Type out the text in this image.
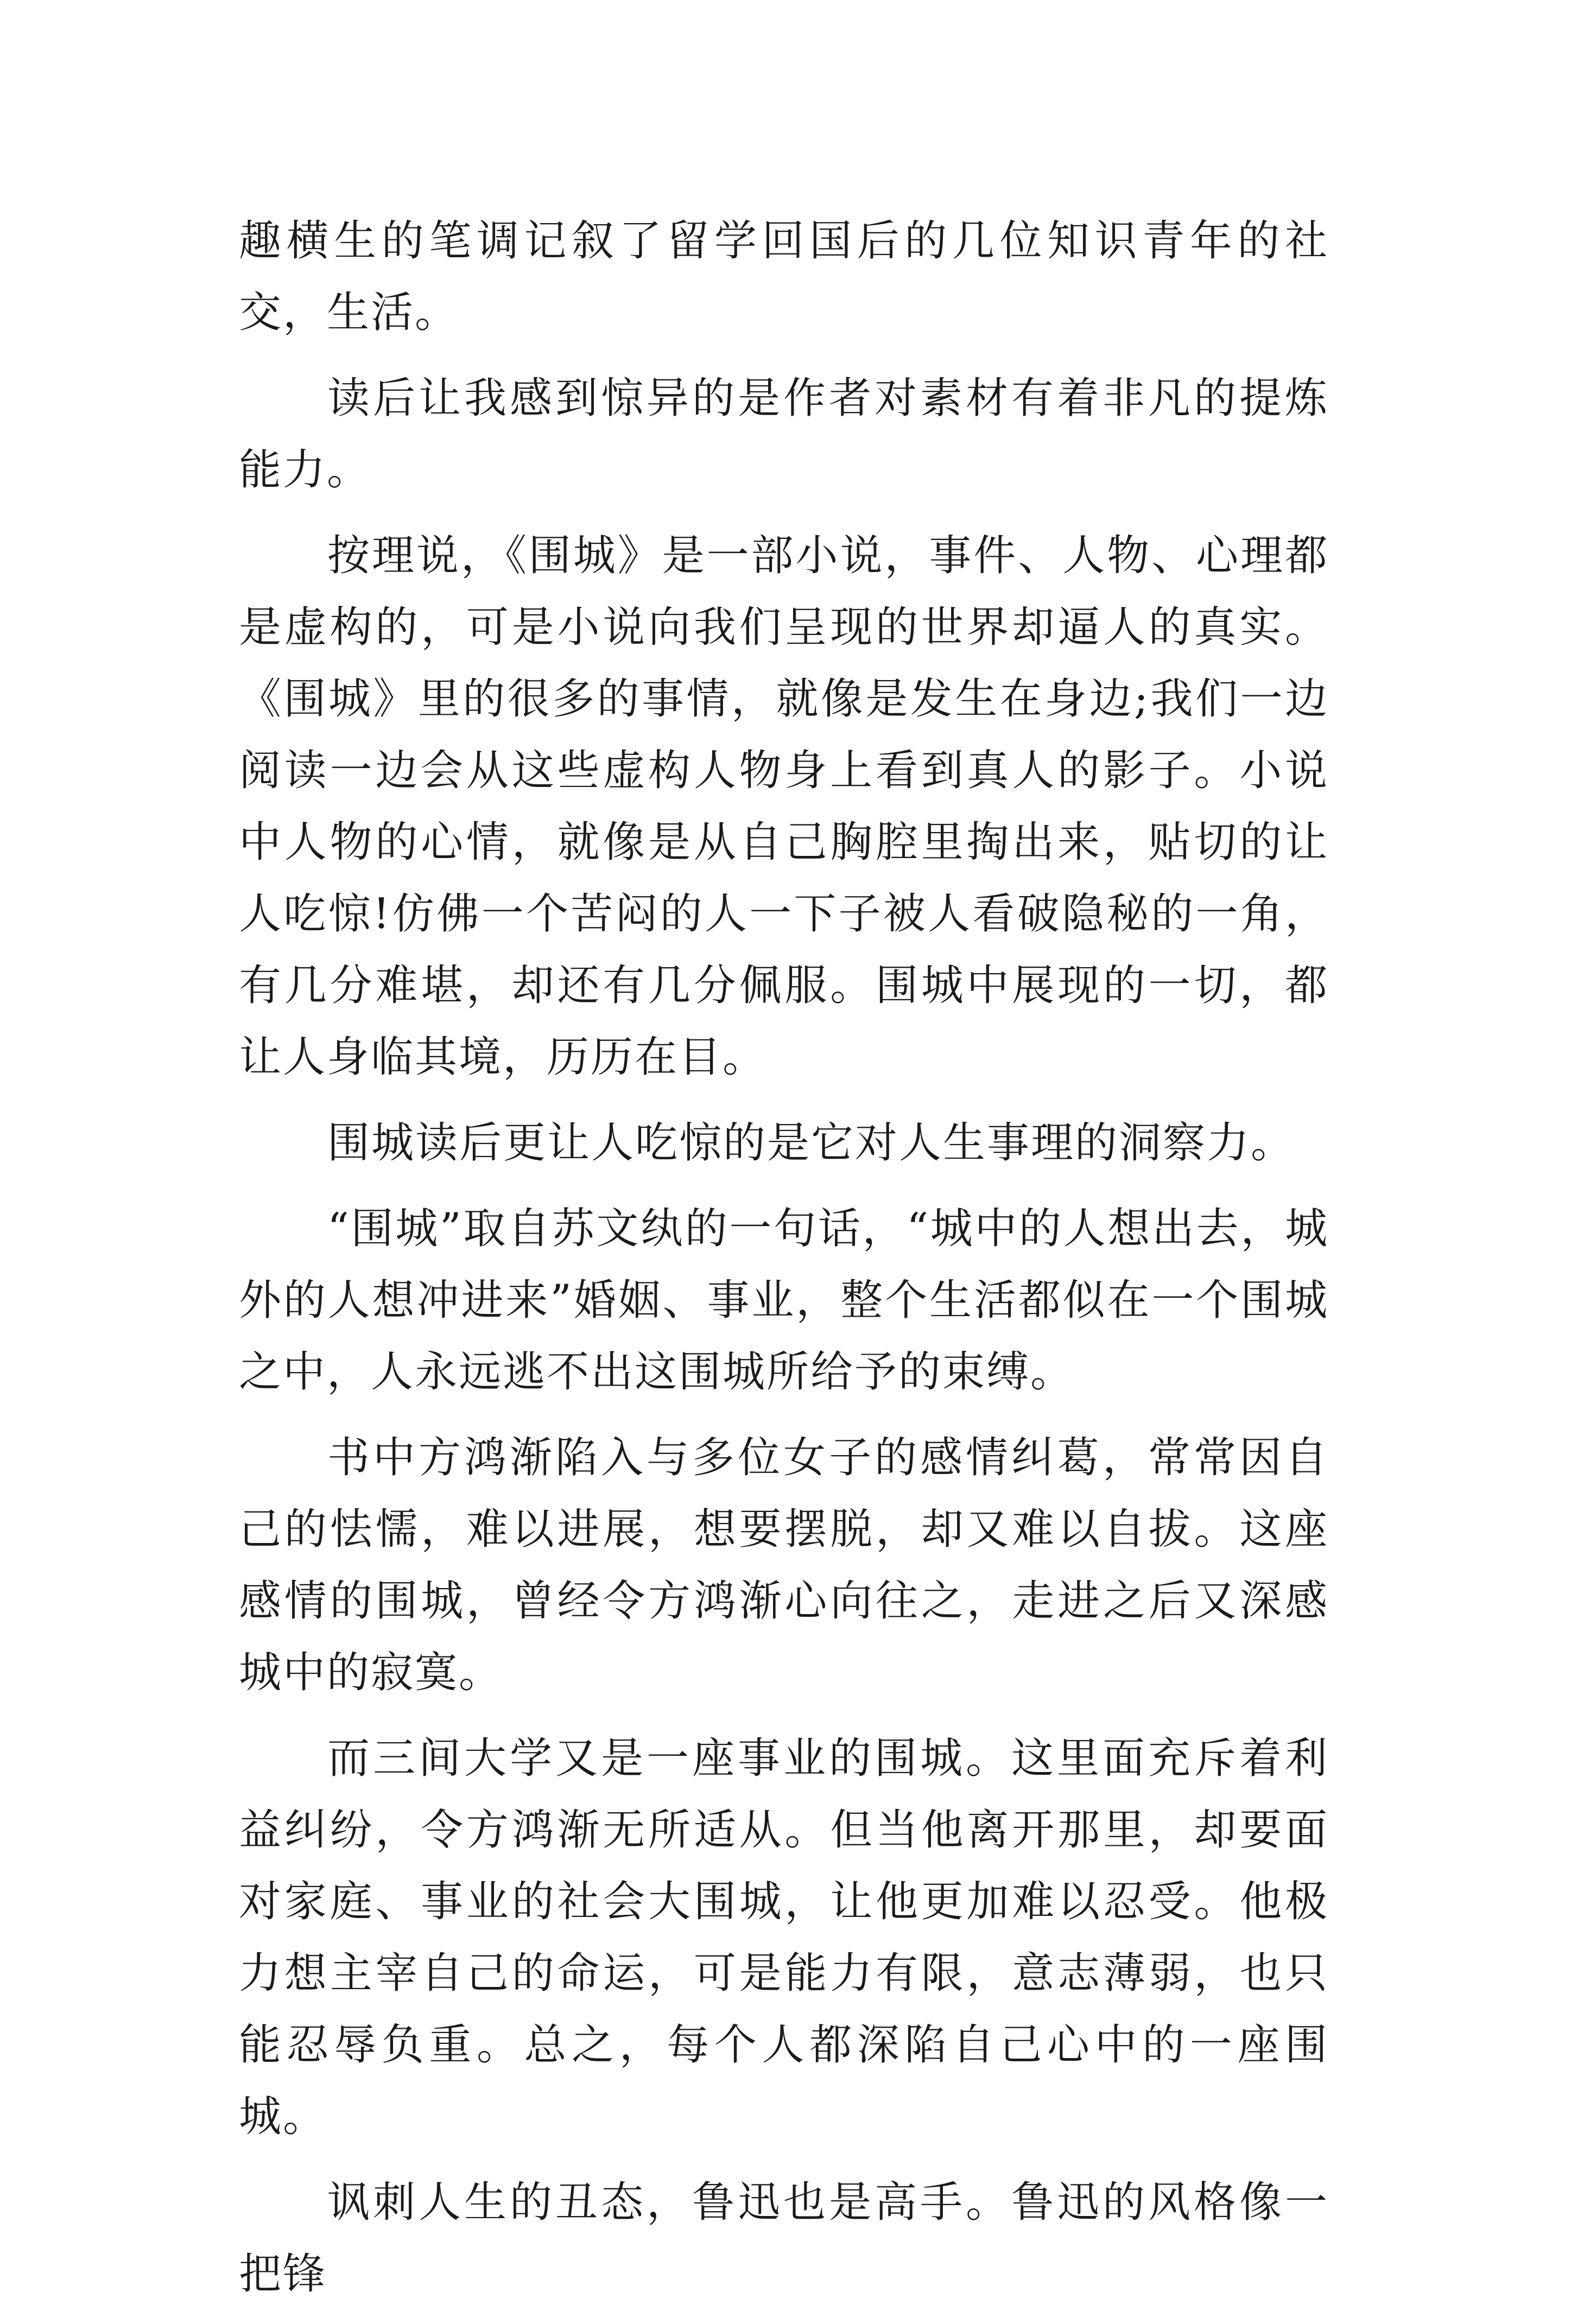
趣横生的笔调记叙了留学回国后的几位知识青年的社交，生活。

读后让我感到惊异的是作者对素材有着非凡的提炼能力。

按理说，《围城》是一部小说，事件、人物、心理都是虚构的，可是小说向我们呈现的世界却逼人的真实。《围城》里的很多的事情，就像是发生在身边;我们一边阅读一边会从这些虚构人物身上看到真人的影子。小说中人物的心情，就像是从自己胸腔里掏出来，贴切的让人吃惊!仿佛一个苦闷的人一下子被人看破隐秘的一角，有几分难堪，却还有几分佩服。围城中展现的一切，都让人身临其境，历历在目。

围城读后更让人吃惊的是它对人生事理的洞察力。

“围城”取自苏文纨的一句话，“城中的人想出去，城外的人想冲进来”婚姻、事业，整个生活都似在一个围城之中，人永远逃不出这围城所给予的束缚。

书中方鸿渐陷入与多位女子的感情纠葛，常常因自己的怯懦，难以进展，想要摆脱，却又难以自拔。这座感情的围城，曾经令方鸿渐心向往之，走进之后又深感城中的寂寞。

而三间大学又是一座事业的围城。这里面充斥着利益纠纷，令方鸿渐无所适从。但当他离开那里，却要面对家庭、事业的社会大围城，让他更加难以忍受。他极力想主宰自己的命运，可是能力有限，意志薄弱，也只能忍辱负重。总之，每个人都深陷自己心中的一座围城。

讽刺人生的丑态，鲁迅也是高手。鲁迅的风格像一把锋
